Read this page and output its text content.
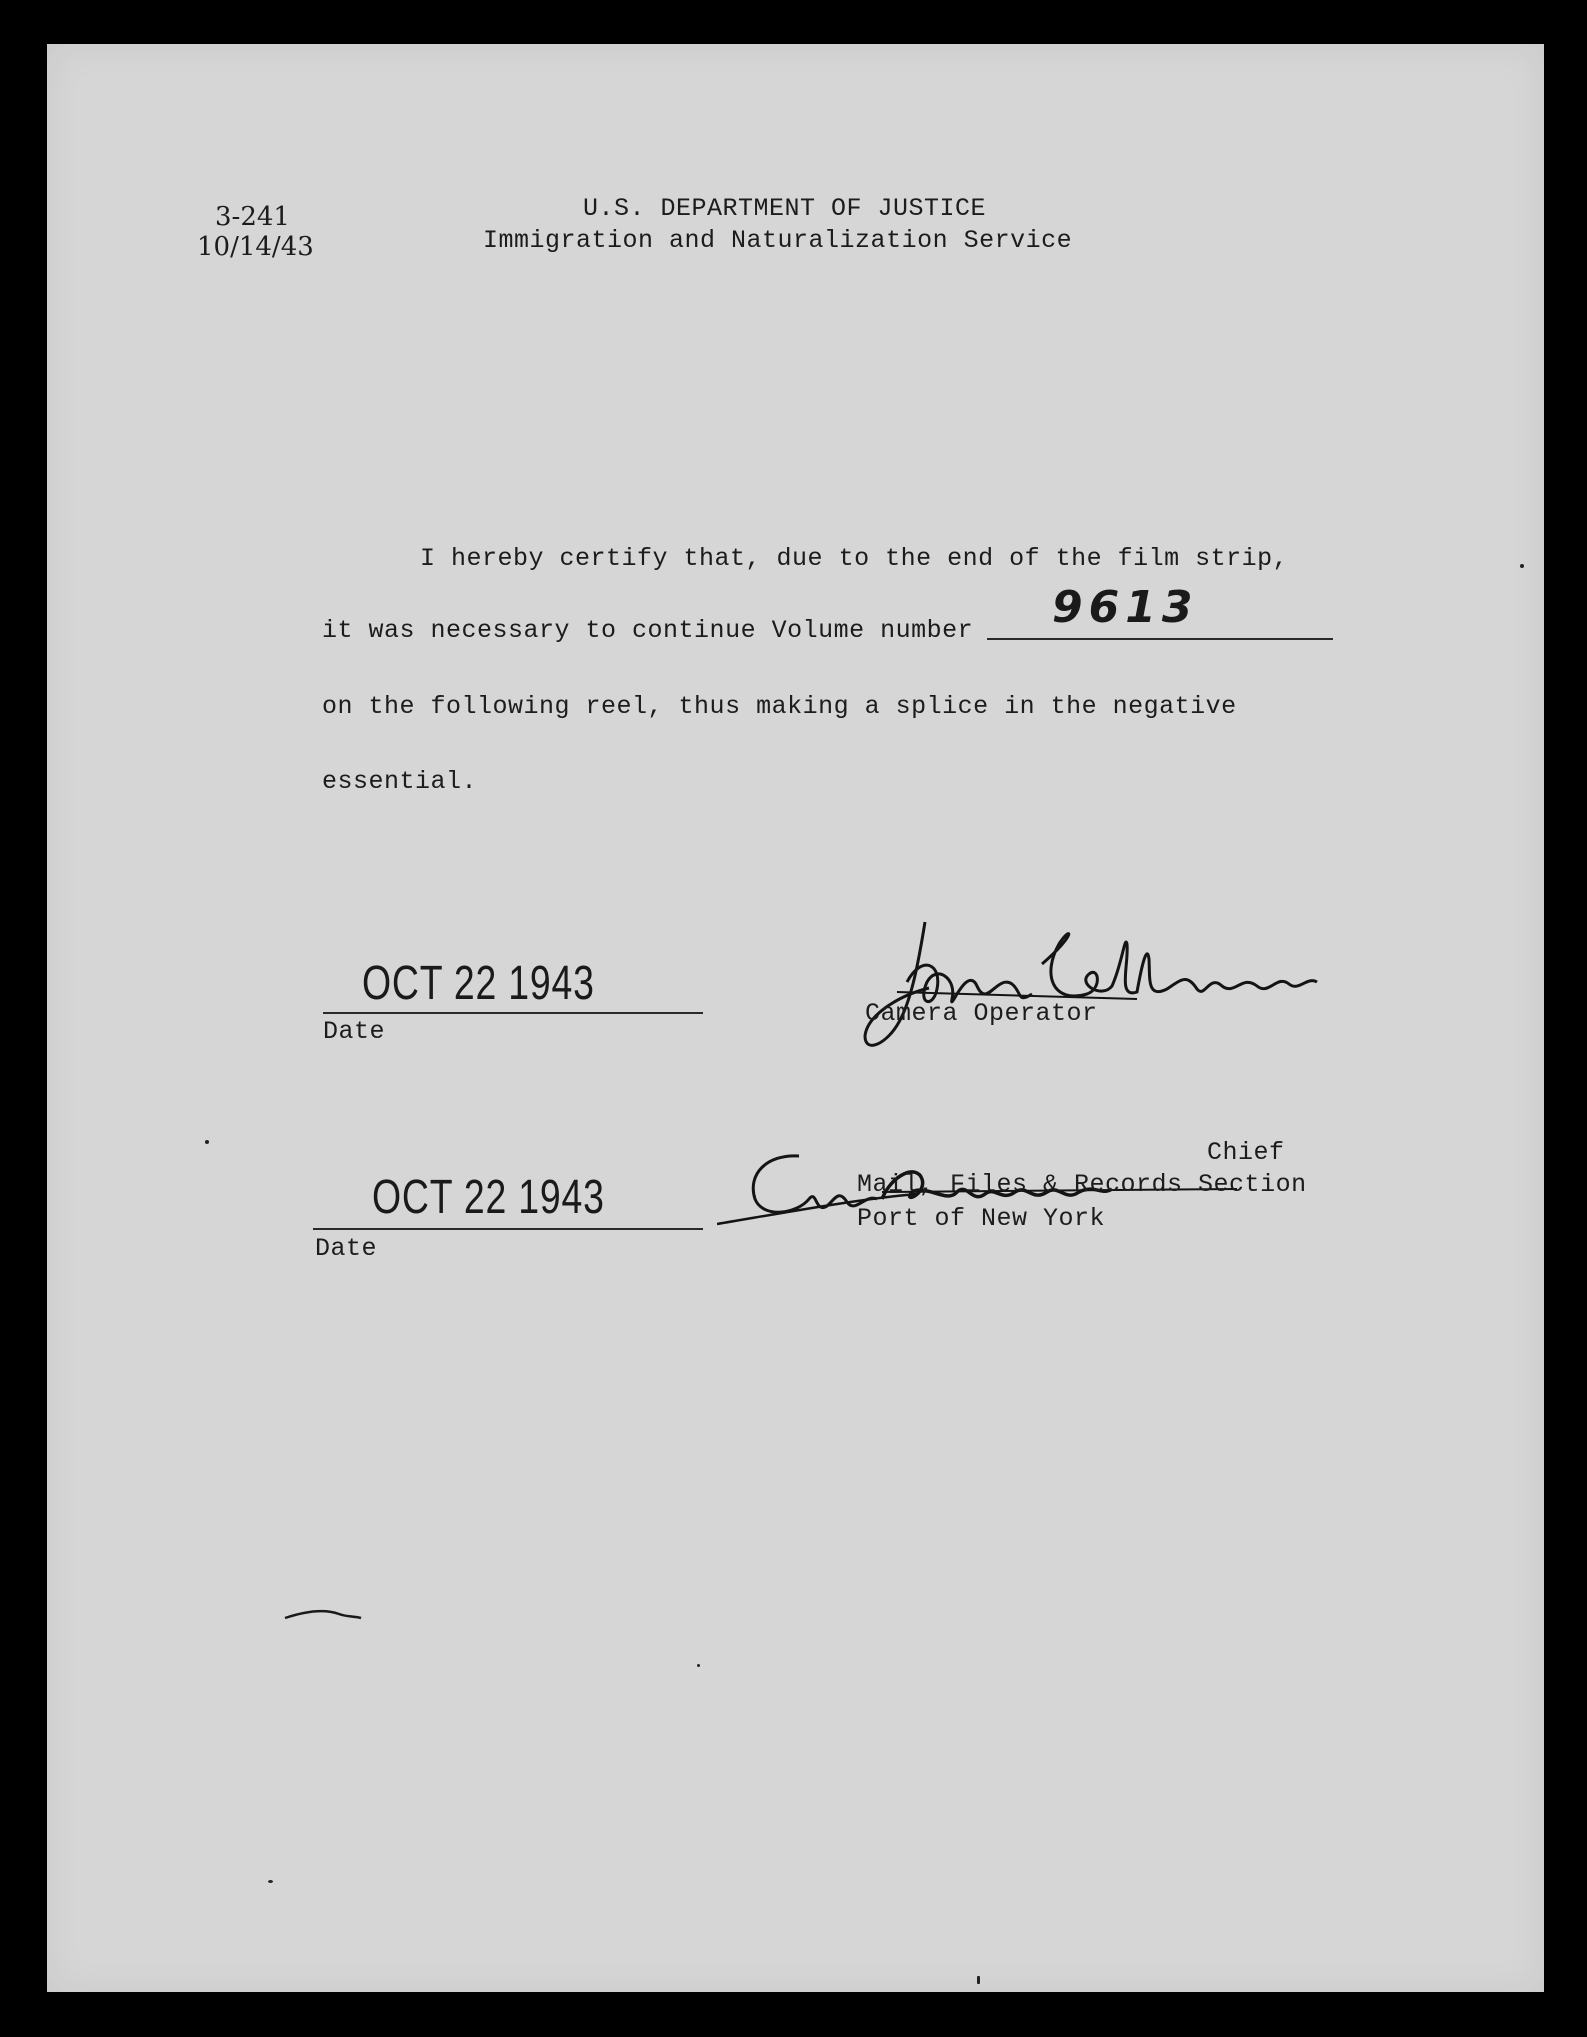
3-241
10/14/43
U.S. DEPARTMENT OF JUSTICE
Immigration and Naturalization Service
I hereby certify that, due to the end of the film strip,
it was necessary to continue Volume number 9613
on the following reel, thus making a splice in the negative
essential.
OCT 22 1943
Date
Camera Operator
OCT 22 1943
Date
Chief
Mail, Files & Records Section
Port of New York
